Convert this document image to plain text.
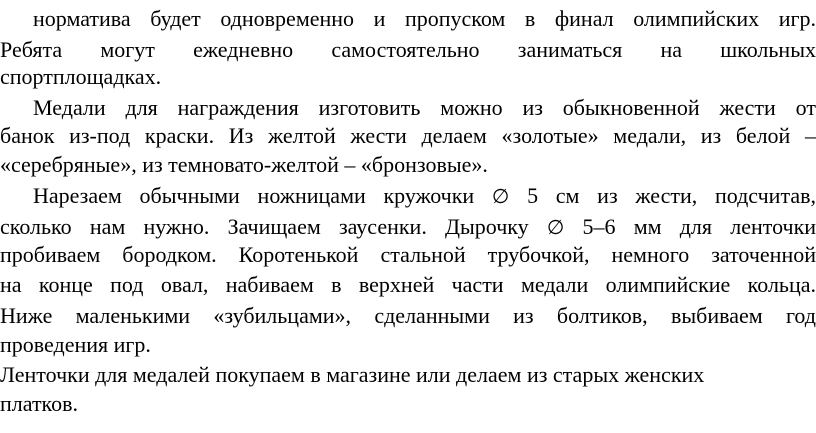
норматива будет одновременно и пропуском в финал олимпийских игр.
Ребята могут ежедневно самостоятельно заниматься на школьных
спортплощадках.
Медали для награждения изготовить можно из обыкновенной жести от
банок из-под краски. Из желтой жести делаем «золотые» медали, из белой –
«серебряные», из темновато-желтой – «бронзовые».
Нарезаем обычными ножницами кружочки ∅ 5 см из жести, подсчитав,
сколько нам нужно. Зачищаем заусенки. Дырочку ∅ 5–6 мм для ленточки
пробиваем бородком. Коротенькой стальной трубочкой, немного заточенной
на конце под овал, набиваем в верхней части медали олимпийские кольца.
Ниже маленькими «зубильцами», сделанными из болтиков, выбиваем год
проведения игр.
Ленточки для медалей покупаем в магазине или делаем из старых женских
платков.
